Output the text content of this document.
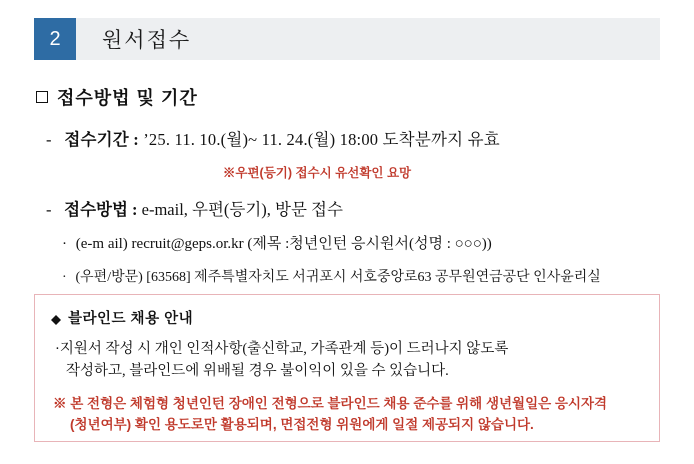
2	원서접수
접수방법 및 기간
- 접수기간 : ’25. 11. 10.(월)~ 11. 24.(월) 18:00 도착분까지 유효
※우편(등기) 접수시 유선확인 요망
- 접수방법 : e-mail, 우편(등기), 방문 접수
· (e-m ail) recruit@geps.or.kr (제목 :청년인턴 응시원서(성명 : ○○○))
· (우편/방문) [63568] 제주특별자치도 서귀포시 서호중앙로63 공무원연금공단 인사윤리실
블라인드 채용 안내
·지원서 작성 시 개인 인적사항(출신학교, 가족관계 등)이 드러나지 않도록
작성하고, 블라인드에 위배될 경우 불이익이 있을 수 있습니다.
※ 본 전형은 체험형 청년인턴 장애인 전형으로 블라인드 채용 준수를 위해 생년월일은 응시자격
(청년여부) 확인 용도로만 활용되며, 면접전형 위원에게 일절 제공되지 않습니다.
